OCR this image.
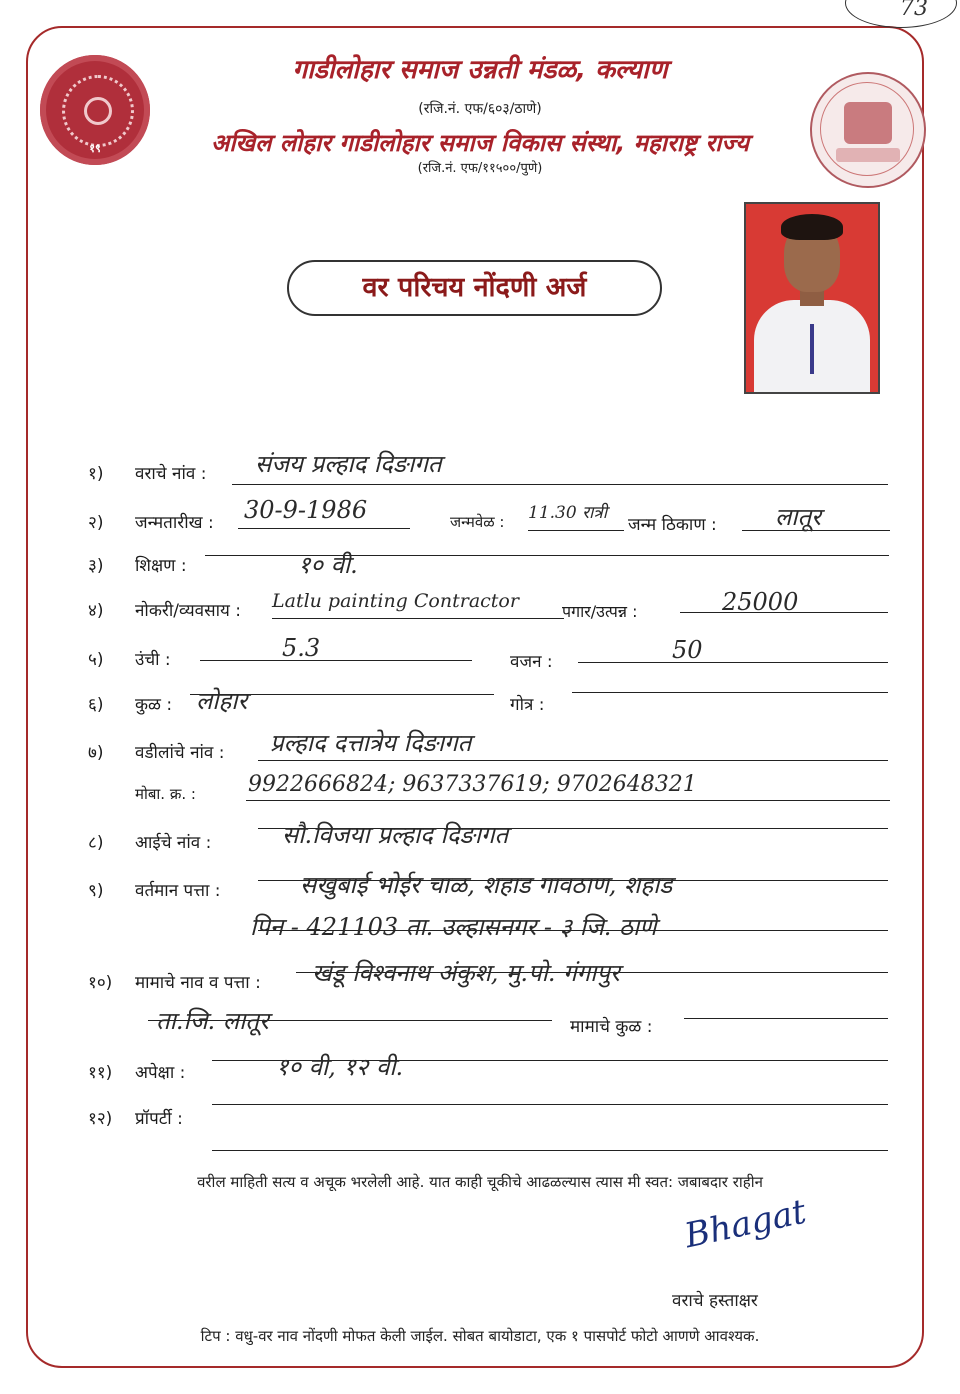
73
१९
गाडीलोहार समाज उन्नती मंडळ, कल्याण
(रजि.नं. एफ/६०३/ठाणे)
अखिल लोहार गाडीलोहार समाज विकास संस्था, महाराष्ट्र राज्य
(रजि.नं. एफ/११५००/पुणे)
वर परिचय नोंदणी अर्ज
१) वराचे नांव : संजय प्रल्हाद दिङागत
२) जन्मतारीख : 30-9-1986	जन्मवेळ : 11.30 रात्री
जन्म ठिकाण : लातूर
३) शिक्षण :	१० वी.
४) नोकरी/व्यवसाय : Latlu painting Contractor	पगार/उत्पन्न :	25000
५) उंची :	5.3	वजन :	50
६) कुळ : लोहार	गोत्र :
७) वडीलांचे नांव : प्रल्हाद दत्तात्रेय दिङागत
मोबा. क्र. : 9922666824; 9637337619; 9702648321
८) आईचे नांव :	सौ.विजया प्रल्हाद दिङागत
९) वर्तमान पत्ता :	सखुबाई भोईर चाळ, शहाड गावठाण, शहाड
पिन - 421103 ता. उल्हासनगर - ३ जि. ठाणे
१०) मामाचे नाव व पत्ता : खंडू विश्वनाथ अंकुश, मु.पो. गंगापुर
ता.जि. लातूर	मामाचे कुळ :
११) अपेक्षा :	१० वी, १२ वी.
१२) प्रॉपर्टी :
वरील माहिती सत्य व अचूक भरलेली आहे. यात काही चूकीचे आढळल्यास त्यास मी स्वत: जबाबदार राहीन
Bhagat
वराचे हस्ताक्षर
टिप : वधु-वर नाव नोंदणी मोफत केली जाईल. सोबत बायोडाटा, एक १ पासपोर्ट फोटो आणणे आवश्यक.
